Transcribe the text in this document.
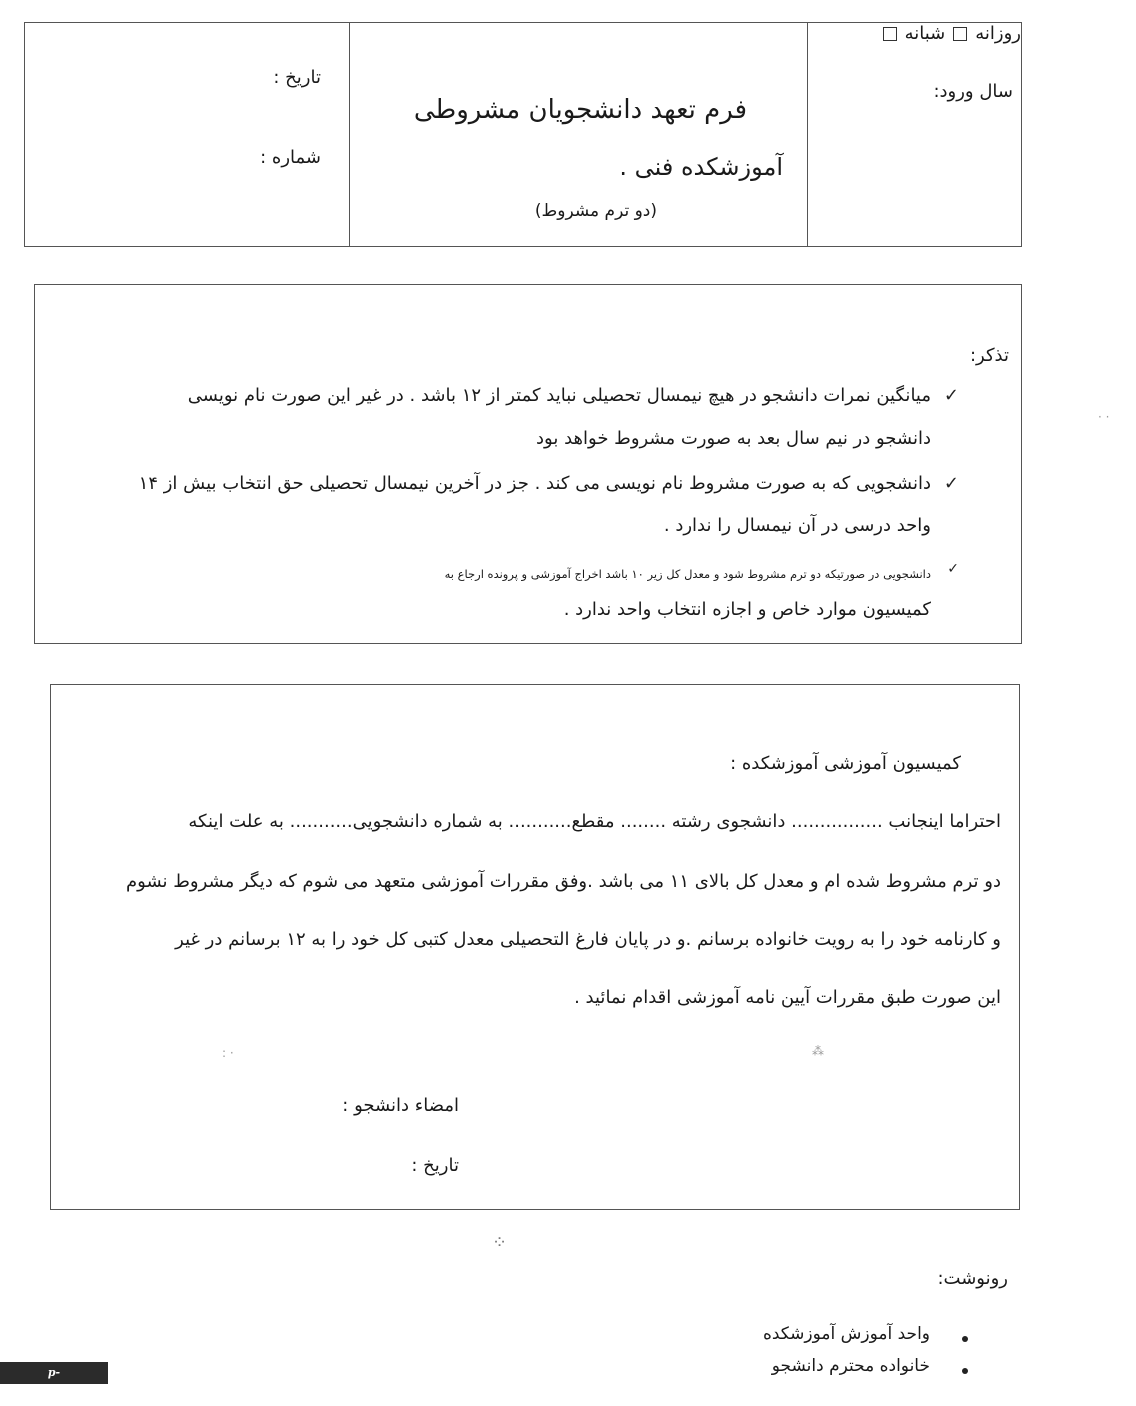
تاریخ :
شماره :
فرم تعهد دانشجویان مشروطی
آموزشکده فنی .
(دو ترم مشروط)
سال ورود:
روزانه
شبانه
تذکر:
✓
میانگین نمرات دانشجو در هیچ نیمسال تحصیلی نباید کمتر از ۱۲ باشد . در غیر این صورت نام نویسی
دانشجو در نیم سال بعد به صورت مشروط خواهد بود
✓
دانشجویی که به صورت مشروط نام نویسی می کند . جز در آخرین نیمسال تحصیلی حق انتخاب بیش از ۱۴
واحد درسی در آن نیمسال را ندارد .
✓
دانشجویی در صورتیکه دو ترم مشروط شود و معدل کل زیر ۱۰ باشد اخراج آموزشی و پرونده ارجاع به
کمیسیون موارد خاص و اجازه انتخاب واحد ندارد .
کمیسیون آموزشی آموزشکده :
احتراما اینجانب ................ دانشجوی رشته ........ مقطع........... به شماره دانشجویی........... به علت اینکه
دو ترم مشروط شده ام و معدل کل بالای ۱۱ می باشد .وفق مقررات آموزشی متعهد می شوم که دیگر مشروط نشوم
و کارنامه خود را به رویت خانواده برسانم .و در پایان فارغ التحصیلی معدل کتبی کل خود را به ۱۲ برسانم در غیر
این صورت طبق مقررات آیین نامه آموزشی اقدام نمائید .
امضاء دانشجو :
تاریخ :
: ·	⁂
⁘
· ·
رونوشت:
واحد آموزش آموزشکده
خانواده محترم دانشجو
p-zarand.nus.ac.ir
